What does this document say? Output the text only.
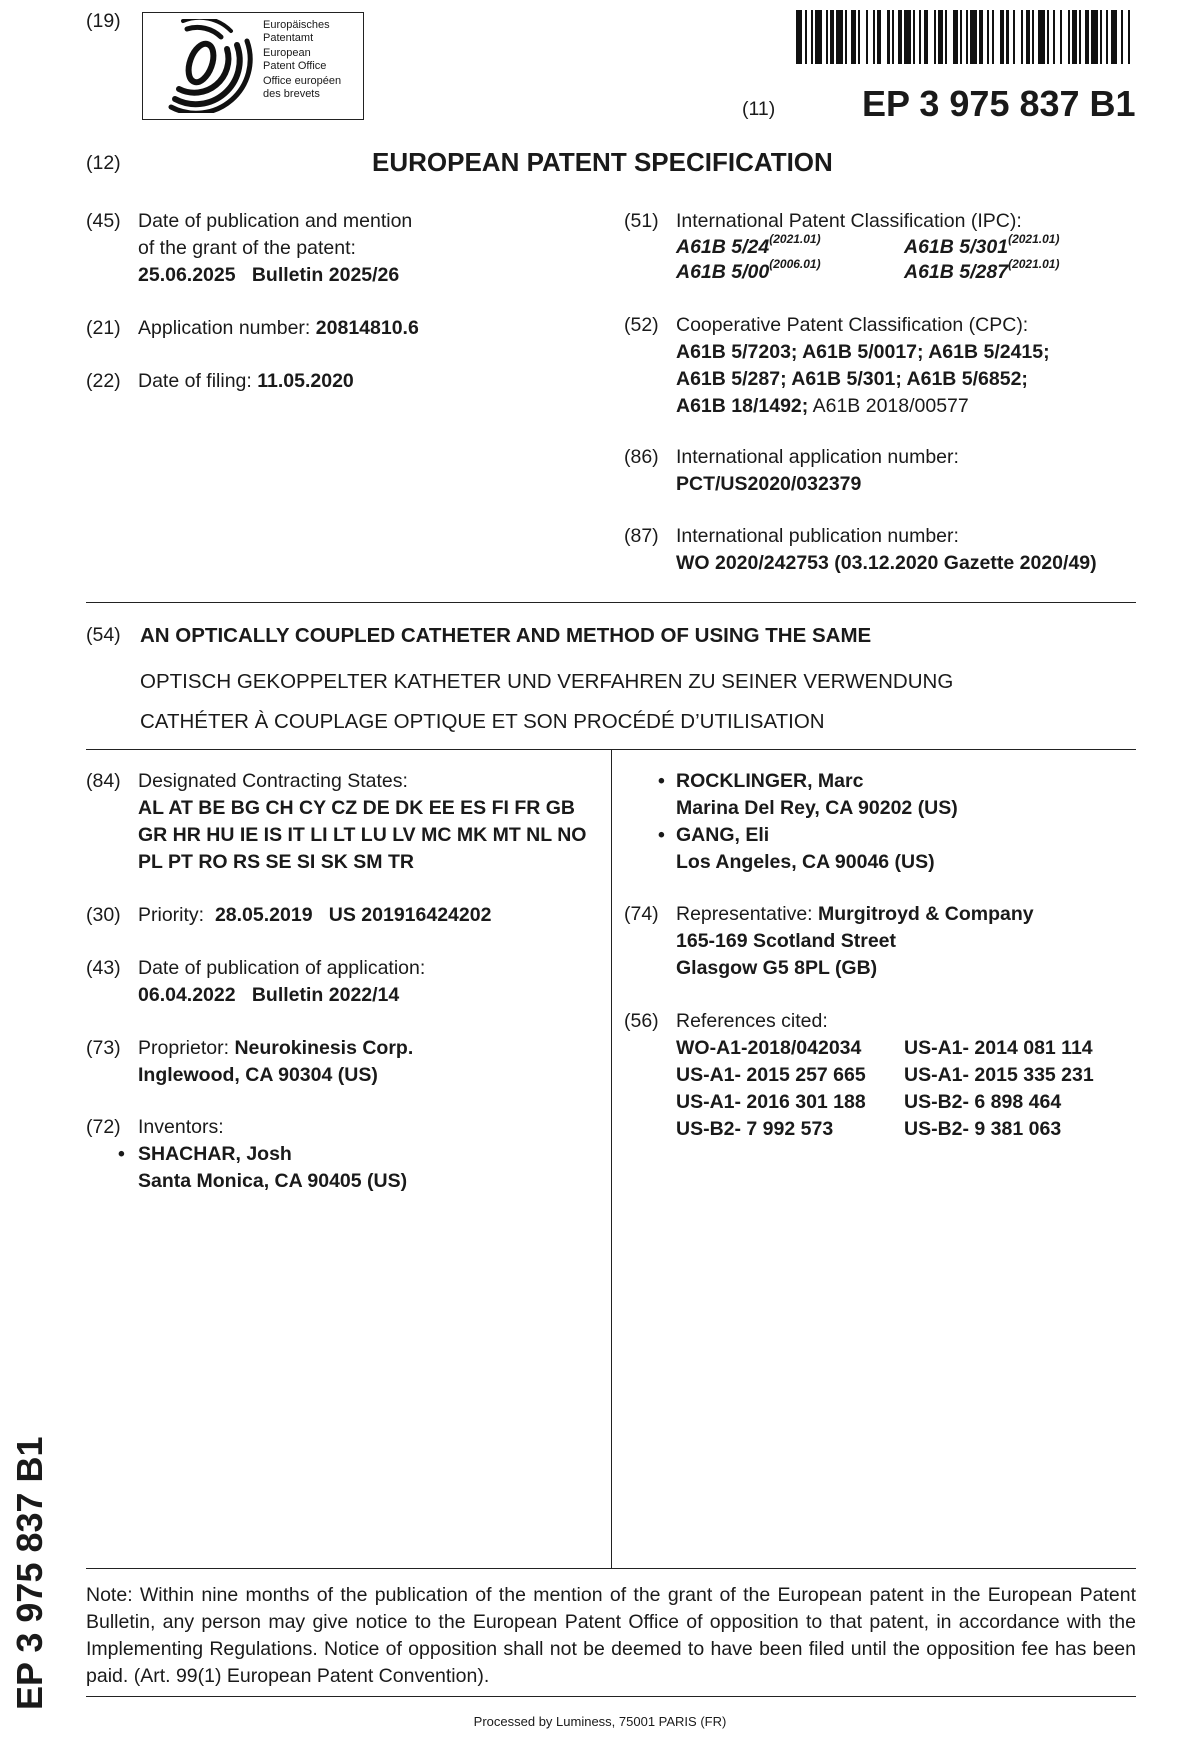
(19)	Europäisches
Patentamt
European
Patent Office
Office européen
des brevets
(11) EP 3 975 837 B1
(12)	EUROPEAN PATENT SPECIFICATION
(45) Date of publication and mention
of the grant of the patent:
25.06.2025   Bulletin 2025/26
(21) Application number: 20814810.6
(22) Date of filing: 11.05.2020
(51) International Patent Classification (IPC):
A61B $5/24^{(2021.01)}$	A61B $5/301^{(2021.01)}$
A61B $5/00^{(2006.01)}$	A61B $5/287^{(2021.01)}$
(52) Cooperative Patent Classification (CPC):
A61B 5/7203; A61B 5/0017; A61B 5/2415;
A61B 5/287; A61B 5/301; A61B 5/6852;
A61B 18/1492; A61B 2018/00577
(86) International application number:
PCT/US2020/032379
(87) International publication number:
WO 2020/242753 (03.12.2020 Gazette 2020/49)
(54) AN OPTICALLY COUPLED CATHETER AND METHOD OF USING THE SAME
OPTISCH GEKOPPELTER KATHETER UND VERFAHREN ZU SEINER VERWENDUNG
CATHÉTER À COUPLAGE OPTIQUE ET SON PROCÉDÉ D’UTILISATION
(84) Designated Contracting States:
AL AT BE BG CH CY CZ DE DK EE ES FI FR GB
GR HR HU IE IS IT LI LT LU LV MC MK MT NL NO
PL PT RO RS SE SI SK SM TR
(30) Priority: 28.05.2019   US 201916424202
(43) Date of publication of application:
06.04.2022   Bulletin 2022/14
(73) Proprietor: Neurokinesis Corp.
Inglewood, CA 90304 (US)
(72) Inventors:
SHACHAR, Josh
Santa Monica, CA 90405 (US)
•
• ROCKLINGER, Marc
Marina Del Rey, CA 90202 (US)
• GANG, Eli
Los Angeles, CA 90046 (US)
(74) Representative: Murgitroyd & Company
165-169 Scotland Street
Glasgow G5 8PL (GB)
(56) References cited:
WO-A1-2018/042034	US-A1- 2014 081 114
US-A1- 2015 257 665	US-A1- 2015 335 231
US-A1- 2016 301 188	US-B2- 6 898 464
US-B2- 7 992 573	US-B2- 9 381 063
EP 3 975 837 B1 Note: Within nine months of the publication of the mention of the grant of the European patent in the European Patent Bulletin, any person may give notice to the European Patent Office of opposition to that patent, in accordance with the Implementing Regulations. Notice of opposition shall not be deemed to have been filed until the opposition fee has been paid. (Art. 99(1) European Patent Convention).
Processed by Luminess, 75001 PARIS (FR)
